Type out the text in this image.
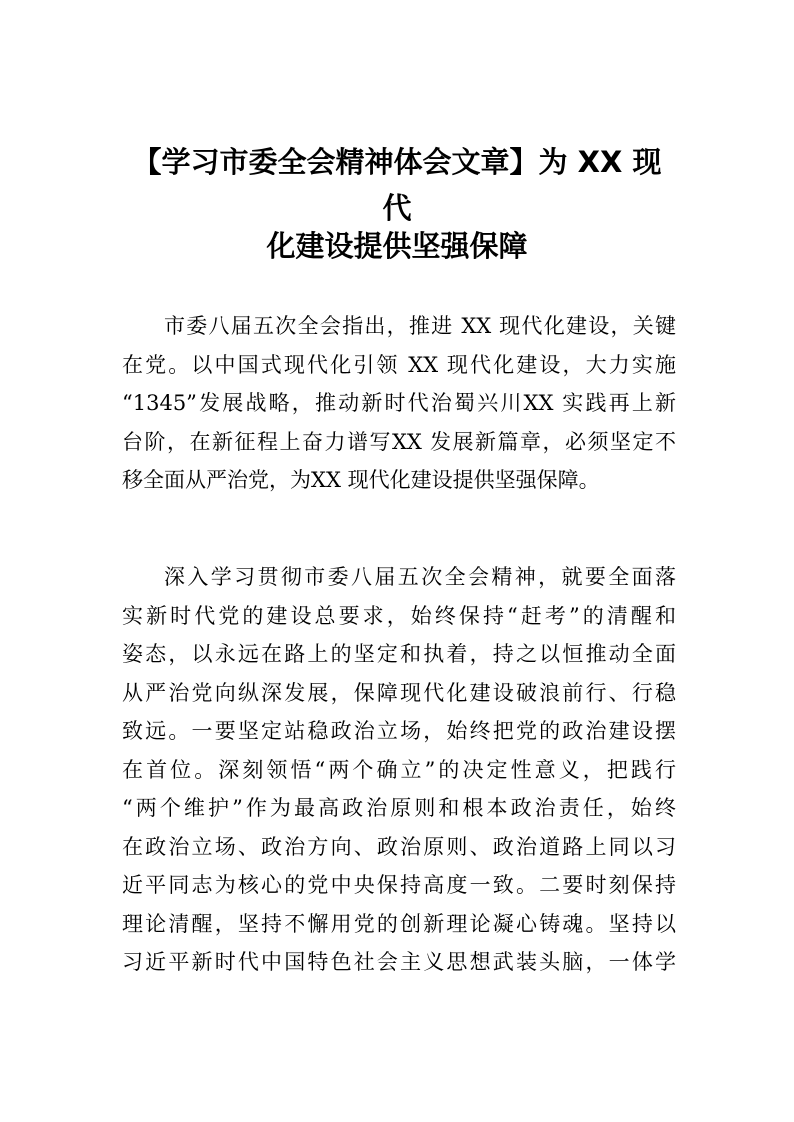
【学习市委全会精神体会文章】为 XX 现
代
化建设提供坚强保障
市委八届五次全会指出，推进 XX 现代化建设，关键
在党。以中国式现代化引领 XX 现代化建设，大力实施
“1345”发展战略，推动新时代治蜀兴川XX 实践再上新
台阶，在新征程上奋力谱写XX 发展新篇章，必须坚定不
移全面从严治党，为XX 现代化建设提供坚强保障。
深入学习贯彻市委八届五次全会精神，就要全面落
实新时代党的建设总要求，始终保持“赶考”的清醒和
姿态，以永远在路上的坚定和执着，持之以恒推动全面
从严治党向纵深发展，保障现代化建设破浪前行、行稳
致远。一要坚定站稳政治立场，始终把党的政治建设摆
在首位。深刻领悟“两个确立”的决定性意义，把践行
“两个维护”作为最高政治原则和根本政治责任，始终
在政治立场、政治方向、政治原则、政治道路上同以习
近平同志为核心的党中央保持高度一致。二要时刻保持
理论清醒，坚持不懈用党的创新理论凝心铸魂。坚持以
习近平新时代中国特色社会主义思想武装头脑，一体学
